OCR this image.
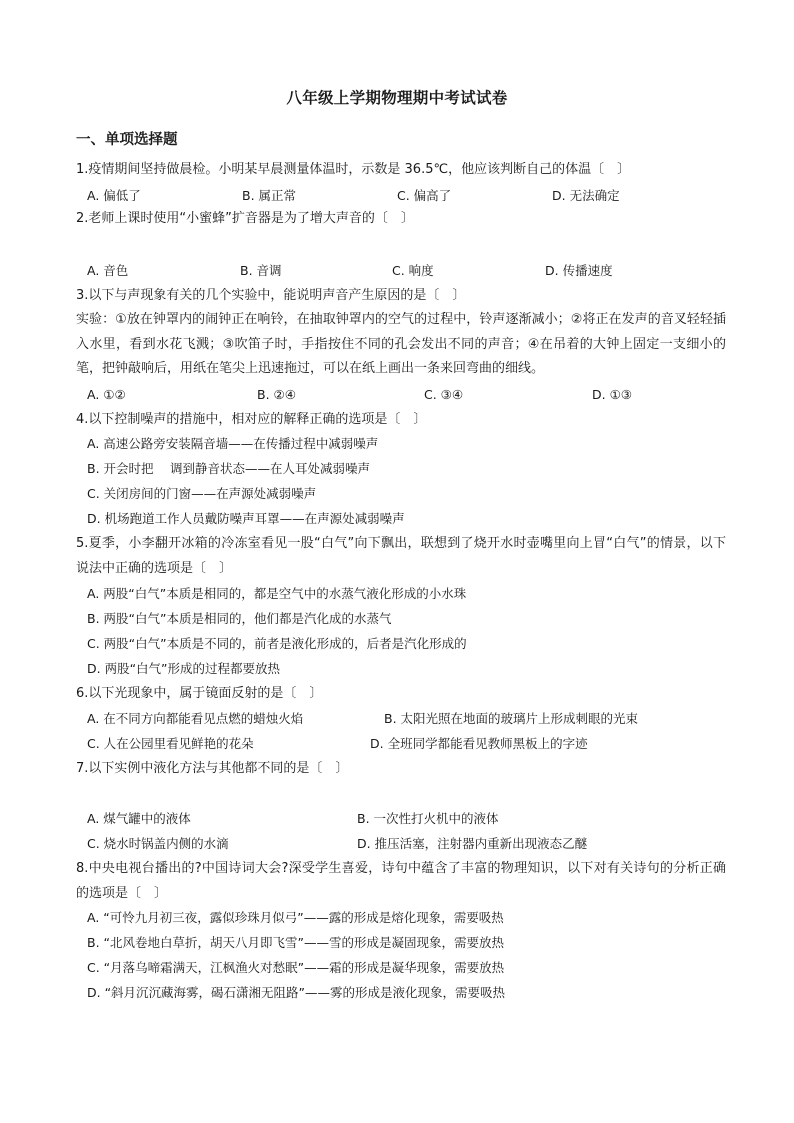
八年级上学期物理期中考试试卷
一、单项选择题
1.疫情期间坚持做晨检。小明某早晨测量体温时，示数是 36.5℃，他应该判断自己的体温〔　〕
A. 偏低了	B. 属正常	C. 偏高了	D. 无法确定
2.老师上课时使用“小蜜蜂”扩音器是为了增大声音的〔　〕
A. 音色	B. 音调	C. 响度	D. 传播速度
3.以下与声现象有关的几个实验中，能说明声音产生原因的是〔　〕
实验：①放在钟罩内的闹钟正在响铃，在抽取钟罩内的空气的过程中，铃声逐渐减小；②将正在发声的音叉轻轻插入水里，看到水花飞溅；③吹笛子时，手指按住不同的孔会发出不同的声音；④在吊着的大钟上固定一支细小的笔，把钟敲响后，用纸在笔尖上迅速拖过，可以在纸上画出一条来回弯曲的细线。
A. ①②	B. ②④	C. ③④	D. ①③
4.以下控制噪声的措施中，相对应的解释正确的选项是〔　〕
A. 高速公路旁安装隔音墙——在传播过程中减弱噪声
B. 开会时把　 调到静音状态——在人耳处减弱噪声
C. 关闭房间的门窗——在声源处减弱噪声
D. 机场跑道工作人员戴防噪声耳罩——在声源处减弱噪声
5.夏季，小李翻开冰箱的冷冻室看见一股“白气”向下飘出，联想到了烧开水时壶嘴里向上冒“白气”的情景，以下说法中正确的选项是〔　〕
A. 两股“白气”本质是相同的，都是空气中的水蒸气液化形成的小水珠
B. 两股“白气”本质是相同的，他们都是汽化成的水蒸气
C. 两股“白气”本质是不同的，前者是液化形成的，后者是汽化形成的
D. 两股“白气”形成的过程都要放热
6.以下光现象中，属于镜面反射的是〔　〕
A. 在不同方向都能看见点燃的蜡烛火焰	B. 太阳光照在地面的玻璃片上形成刺眼的光束
C. 人在公园里看见鲜艳的花朵	D. 全班同学都能看见教师黑板上的字迹
7.以下实例中液化方法与其他都不同的是〔　〕
A. 煤气罐中的液体	B. 一次性打火机中的液体
C. 烧水时锅盖内侧的水滴	D. 推压活塞，注射器内重新出现液态乙醚
8.中央电视台播出的?中国诗词大会?深受学生喜爱，诗句中蕴含了丰富的物理知识，以下对有关诗句的分析正确的选项是〔　〕
A. “可怜九月初三夜，露似珍珠月似弓”——露的形成是熔化现象，需要吸热
B. “北风卷地白草折，胡天八月即飞雪”——雪的形成是凝固现象，需要放热
C. “月落乌啼霜满天，江枫渔火对愁眠”——霜的形成是凝华现象，需要放热
D. “斜月沉沉藏海雾，碣石潇湘无阻路”——雾的形成是液化现象，需要吸热
